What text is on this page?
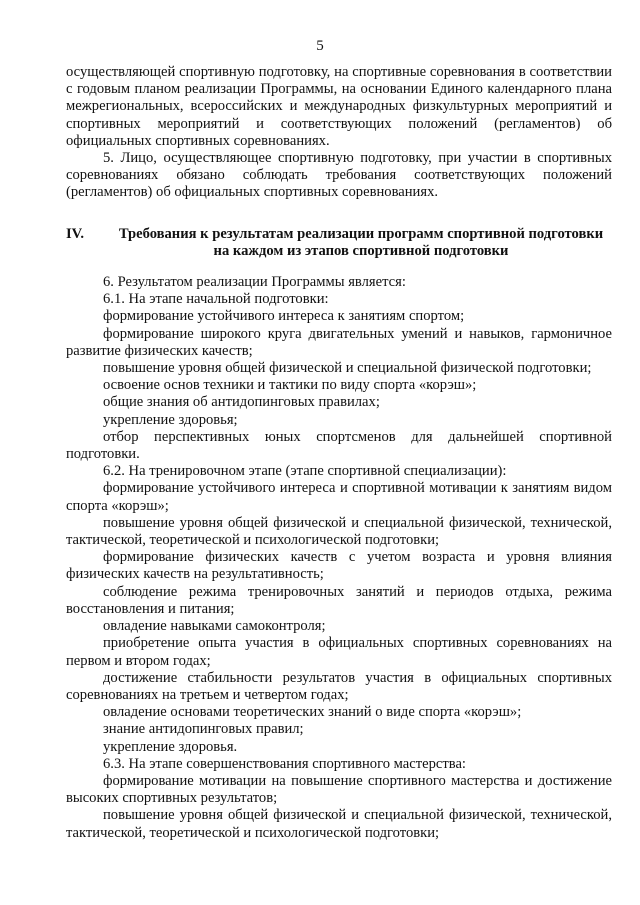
5

осуществляющей спортивную подготовку, на спортивные соревнования в соответствии с годовым планом реализации Программы, на основании Единого календарного плана межрегиональных, всероссийских и международных физкультурных мероприятий и спортивных мероприятий и соответствующих положений (регламентов) об официальных спортивных соревнованиях.

5. Лицо, осуществляющее спортивную подготовку, при участии в спортивных соревнованиях обязано соблюдать требования соответствующих положений (регламентов) об официальных спортивных соревнованиях.

IV.	Требования к результатам реализации программ спортивной подготовки на каждом из этапов спортивной подготовки

6. Результатом реализации Программы является:

6.1. На этапе начальной подготовки:

формирование устойчивого интереса к занятиям спортом;

формирование широкого круга двигательных умений и навыков, гармоничное развитие физических качеств;

повышение уровня общей физической и специальной физической подготовки;

освоение основ техники и тактики по виду спорта «корэш»;

общие знания об антидопинговых правилах;

укрепление здоровья;

отбор перспективных юных спортсменов для дальнейшей спортивной подготовки.

6.2. На тренировочном этапе (этапе спортивной специализации):

формирование устойчивого интереса и спортивной мотивации к занятиям видом спорта «корэш»;

повышение уровня общей физической и специальной физической, технической, тактической, теоретической и психологической подготовки;

формирование физических качеств с учетом возраста и уровня влияния физических качеств на результативность;

соблюдение режима тренировочных занятий и периодов отдыха, режима восстановления и питания;

овладение навыками самоконтроля;

приобретение опыта участия в официальных спортивных соревнованиях на первом и втором годах;

достижение стабильности результатов участия в официальных спортивных соревнованиях на третьем и четвертом годах;

овладение основами теоретических знаний о виде спорта «корэш»;

знание антидопинговых правил;

укрепление здоровья.

6.3. На этапе совершенствования спортивного мастерства:

формирование мотивации на повышение спортивного мастерства и достижение высоких спортивных результатов;

повышение уровня общей физической и специальной физической, технической, тактической, теоретической и психологической подготовки;
